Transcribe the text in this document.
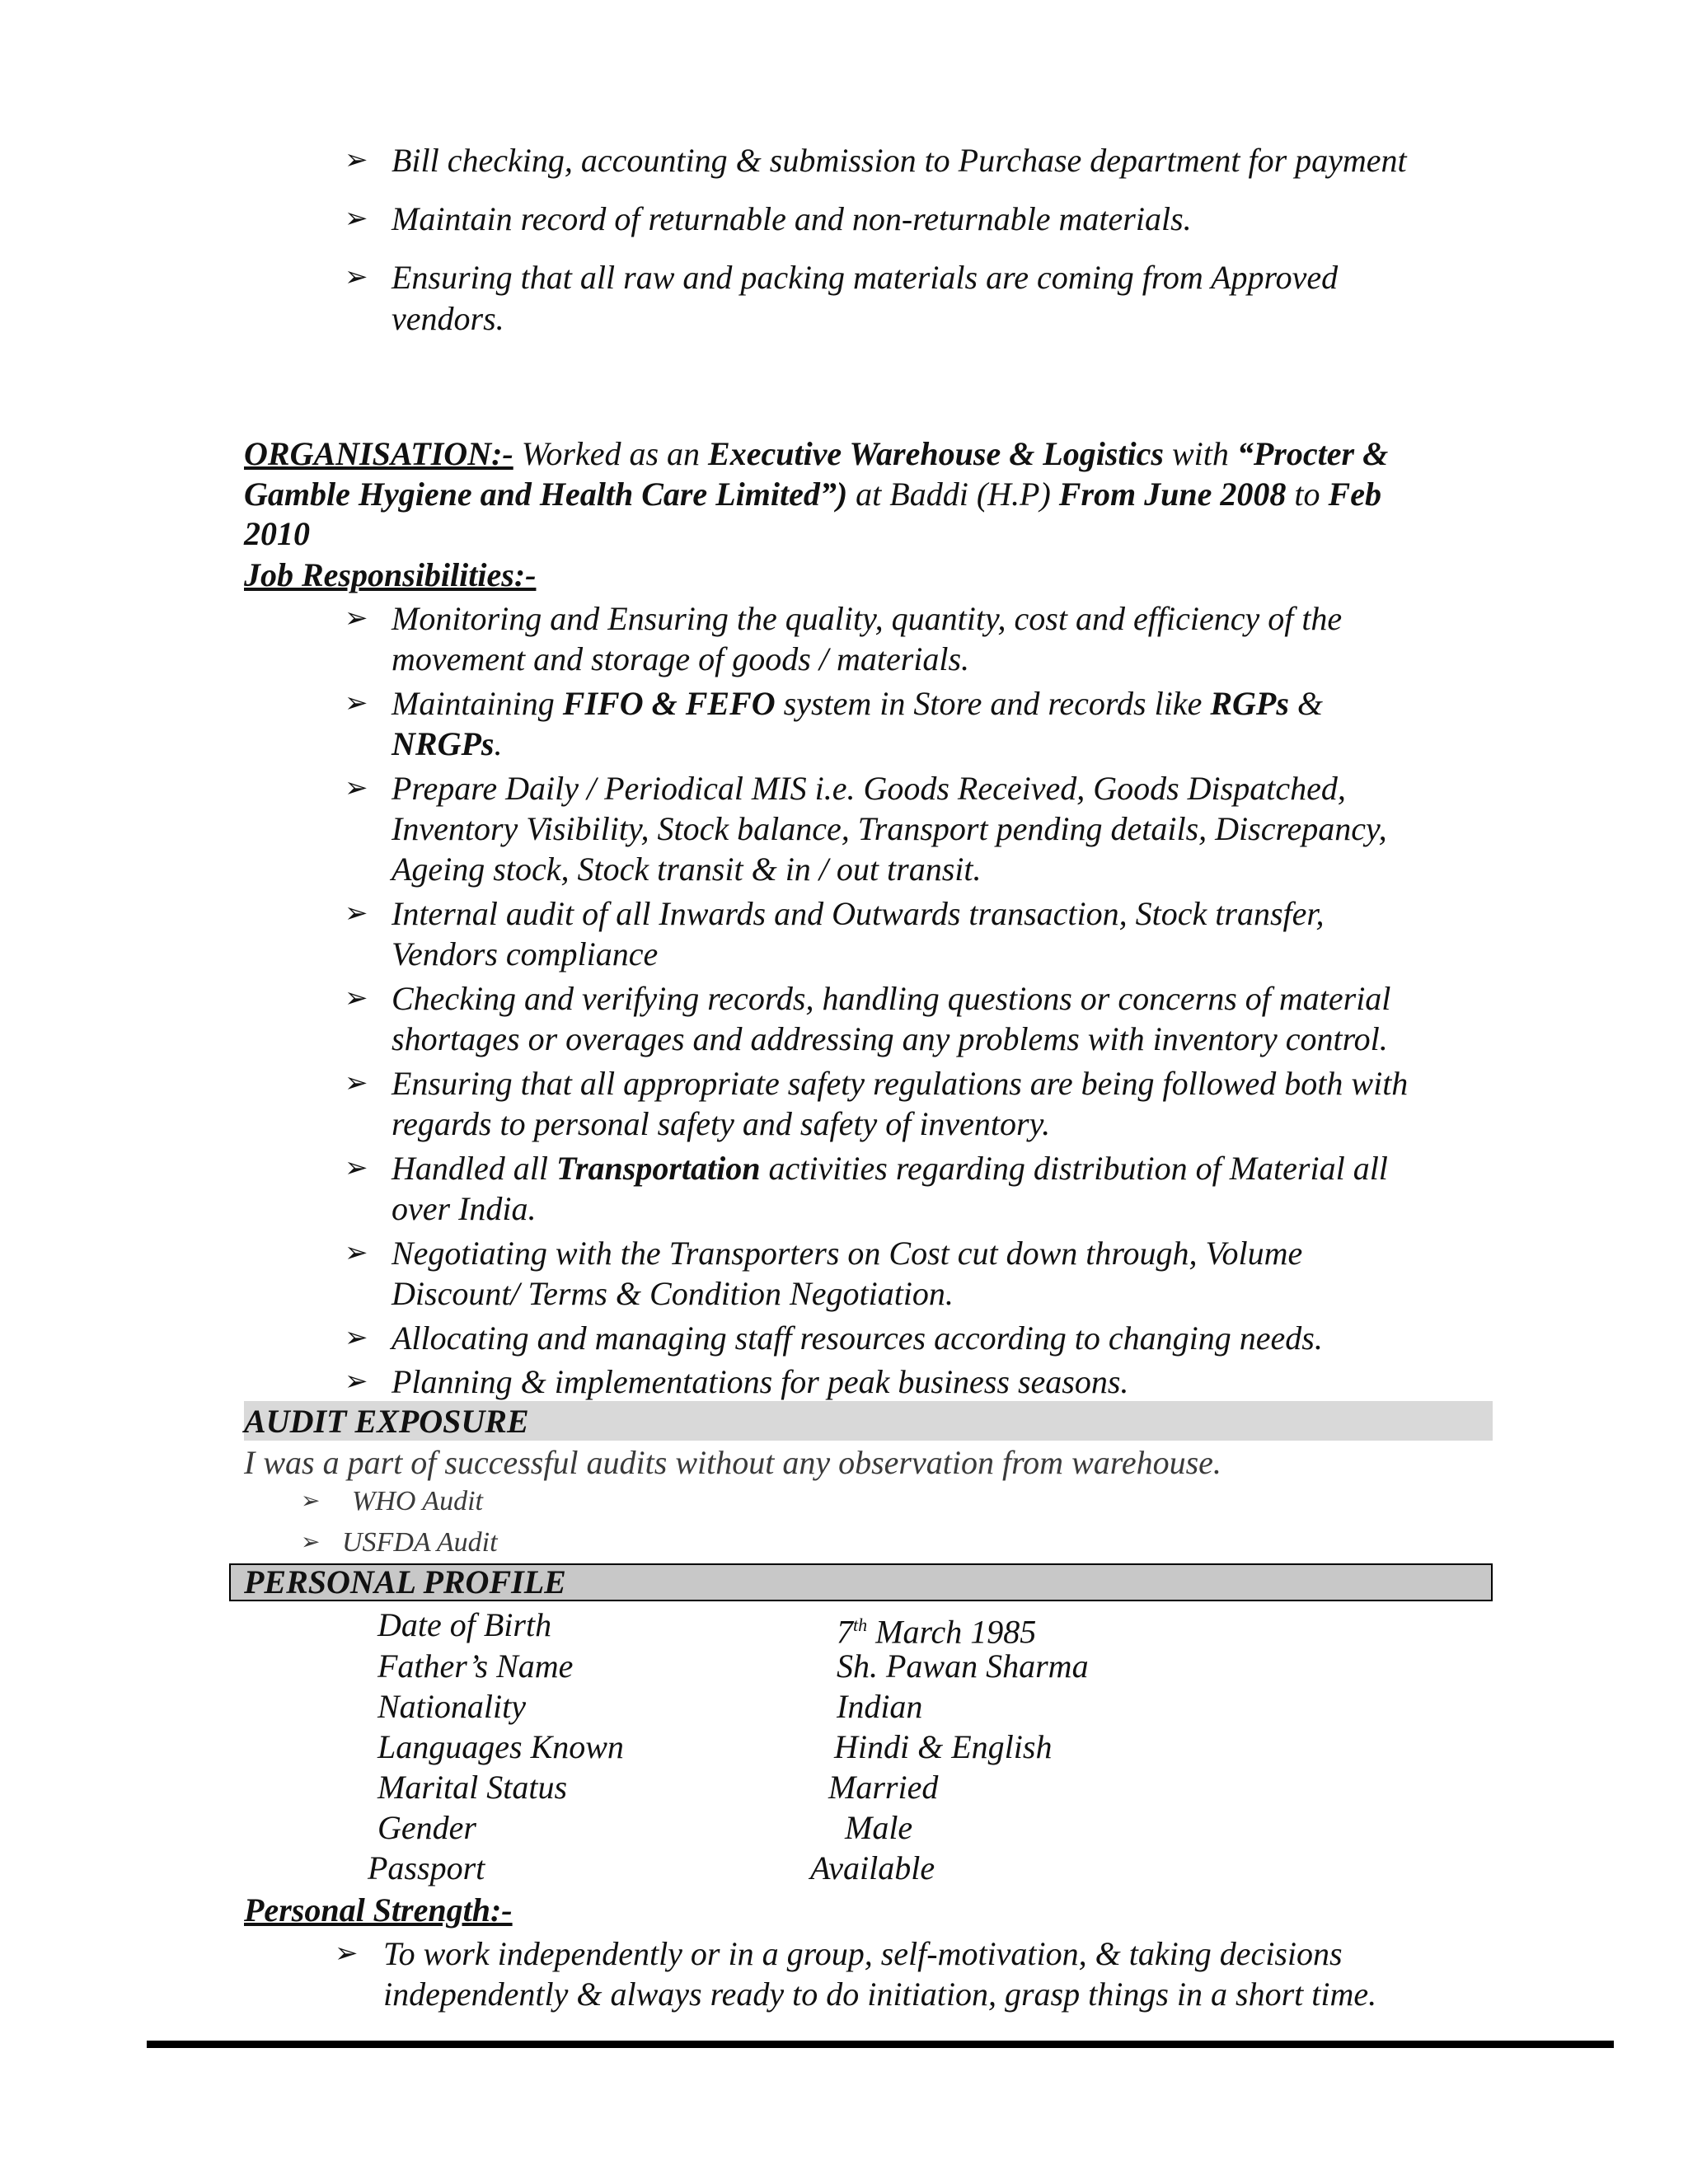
➢ Bill checking, accounting & submission to Purchase department for payment
➢ Maintain record of returnable and non-returnable materials.
➢ Ensuring that all raw and packing materials are coming from Approved
vendors.
ORGANISATION:- Worked as an Executive Warehouse & Logistics with “Procter &
Gamble Hygiene and Health Care Limited”) at Baddi (H.P) From June 2008 to Feb
2010
Job Responsibilities:-
➢ Monitoring and Ensuring the quality, quantity, cost and efficiency of the
movement and storage of goods / materials.
➢ Maintaining FIFO & FEFO system in Store and records like RGPs &
NRGPs.
➢ Prepare Daily / Periodical MIS i.e. Goods Received, Goods Dispatched,
Inventory Visibility, Stock balance, Transport pending details, Discrepancy,
Ageing stock, Stock transit & in / out transit.
➢ Internal audit of all Inwards and Outwards transaction, Stock transfer,
Vendors compliance
➢ Checking and verifying records, handling questions or concerns of material
shortages or overages and addressing any problems with inventory control.
➢ Ensuring that all appropriate safety regulations are being followed both with
regards to personal safety and safety of inventory.
➢ Handled all Transportation activities regarding distribution of Material all
over India.
➢ Negotiating with the Transporters on Cost cut down through, Volume
Discount/ Terms & Condition Negotiation.
➢ Allocating and managing staff resources according to changing needs.
➢ Planning & implementations for peak business seasons.
AUDIT EXPOSURE
I was a part of successful audits without any observation from warehouse.
➢ WHO Audit
➢ USFDA Audit
PERSONAL PROFILE
Date of Birth	7th March 1985
Father’s Name	Sh. Pawan Sharma
Nationality	Indian
Languages Known	Hindi & English
Marital Status	Married
Gender	Male
Passport	Available
Personal Strength:-
➢ To work independently or in a group, self-motivation, & taking decisions
independently & always ready to do initiation, grasp things in a short time.
